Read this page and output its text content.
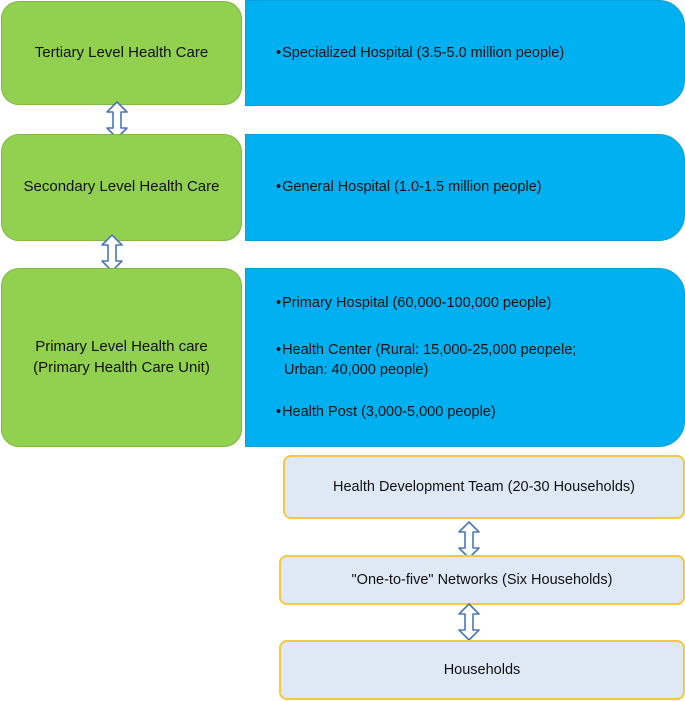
Tertiary Level Health Care	• Specialized Hospital (3.5-5.0 million people)
Secondary Level Health Care	• General Hospital (1.0-1.5 million people)
Primary Level Health care
(Primary Health Care Unit)
• Primary Hospital (60,000-100,000 people)
• Health Center (Rural: 15,000-25,000 peopele;
Urban: 40,000 people)
• Health Post (3,000-5,000 people)
Health Development Team (20-30 Households)
"One-to-five" Networks (Six Households)
Households
